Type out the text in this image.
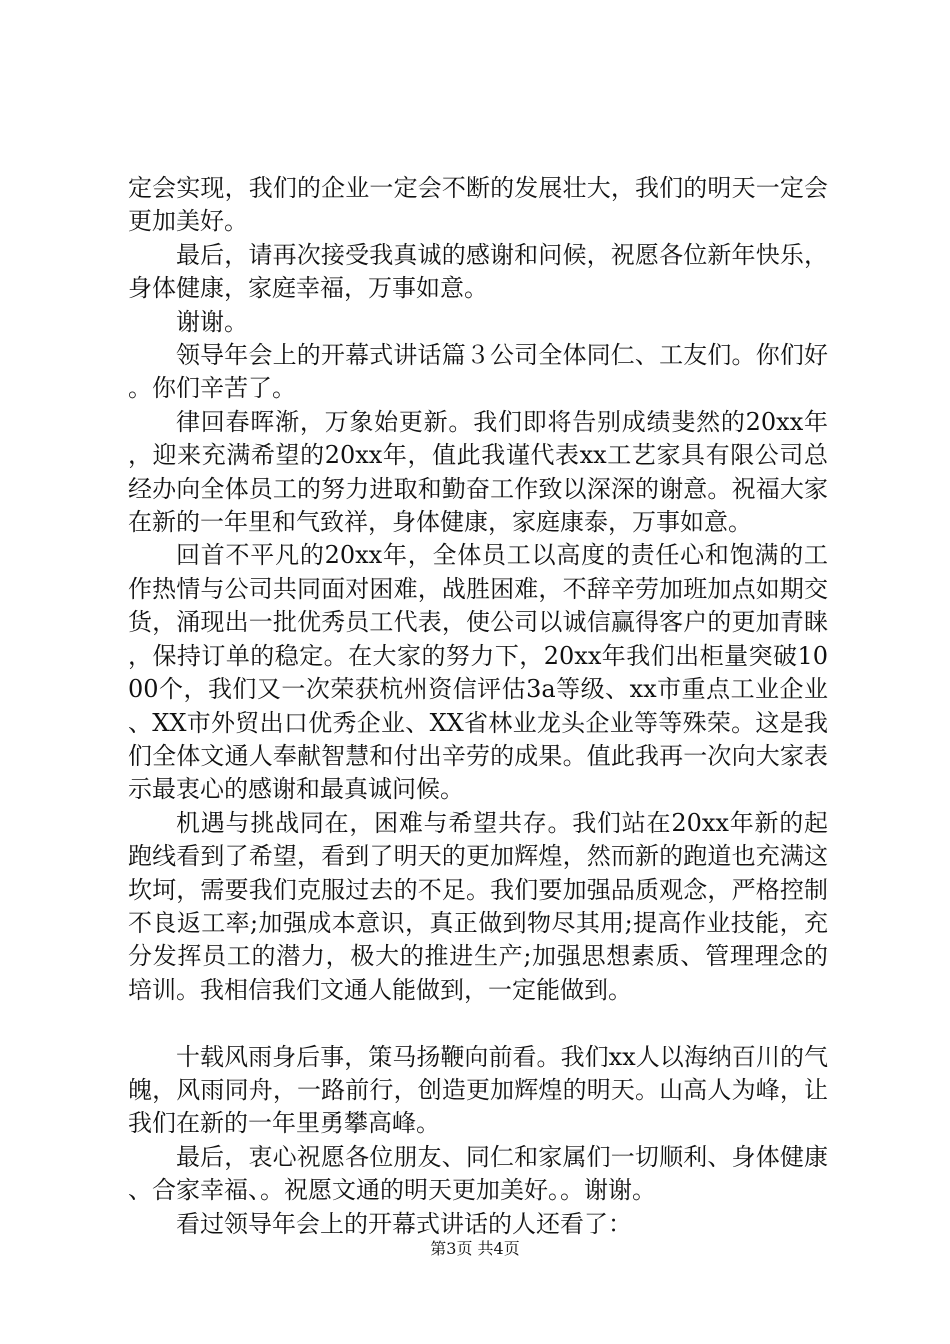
定会实现，我们的企业一定会不断的发展壮大，我们的明天一定会更加美好。

最后，请再次接受我真诚的感谢和问候，祝愿各位新年快乐，身体健康，家庭幸福，万事如意。

谢谢。

领导年会上的开幕式讲话篇３公司全体同仁、工友们。你们好。你们辛苦了。

律回春晖渐，万象始更新。我们即将告别成绩斐然的20xx年，迎来充满希望的20xx年，值此我谨代表xx工艺家具有限公司总经办向全体员工的努力进取和勤奋工作致以深深的谢意。祝福大家在新的一年里和气致祥，身体健康，家庭康泰，万事如意。

回首不平凡的20xx年，全体员工以高度的责任心和饱满的工作热情与公司共同面对困难，战胜困难，不辞辛劳加班加点如期交货，涌现出一批优秀员工代表，使公司以诚信赢得客户的更加青睐，保持订单的稳定。在大家的努力下，20xx年我们出柜量突破1000个，我们又一次荣获杭州资信评估3a等级、xx市重点工业企业、XX市外贸出口优秀企业、XX省林业龙头企业等等殊荣。这是我们全体文通人奉献智慧和付出辛劳的成果。值此我再一次向大家表示最衷心的感谢和最真诚问候。

机遇与挑战同在，困难与希望共存。我们站在20xx年新的起跑线看到了希望，看到了明天的更加辉煌，然而新的跑道也充满这坎坷，需要我们克服过去的不足。我们要加强品质观念，严格控制不良返工率;加强成本意识，真正做到物尽其用;提高作业技能，充分发挥员工的潜力，极大的推进生产;加强思想素质、管理理念的培训。我相信我们文通人能做到，一定能做到。

十载风雨身后事，策马扬鞭向前看。我们xx人以海纳百川的气魄，风雨同舟，一路前行，创造更加辉煌的明天。山高人为峰，让我们在新的一年里勇攀高峰。

最后，衷心祝愿各位朋友、同仁和家属们一切顺利、身体健康、合家幸福、。祝愿文通的明天更加美好。。谢谢。

看过领导年会上的开幕式讲话的人还看了：

第3页 共4页
